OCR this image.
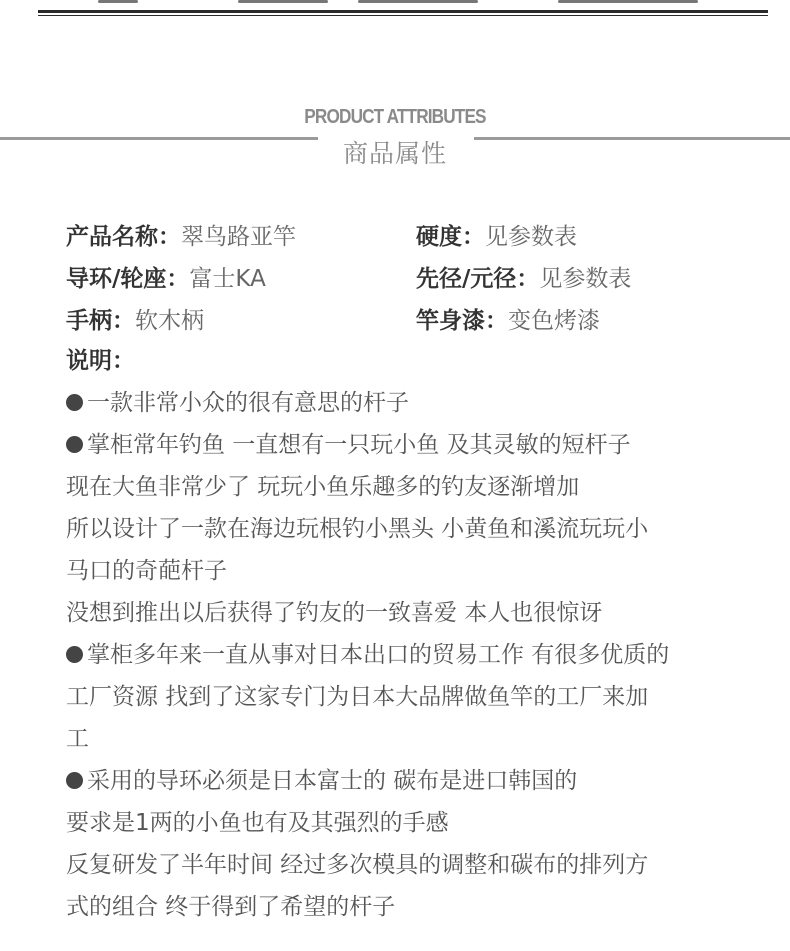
PRODUCT ATTRIBUTES
商品属性
产品名称：翠鸟路亚竿	硬度：见参数表
导环/轮座：富士KA	先径/元径：见参数表
手柄：软木柄	竿身漆：变色烤漆
说明：
一款非常小众的很有意思的杆子
掌柜常年钓鱼 一直想有一只玩小鱼 及其灵敏的短杆子
现在大鱼非常少了 玩玩小鱼乐趣多的钓友逐渐增加
所以设计了一款在海边玩根钓小黑头 小黄鱼和溪流玩玩小
马口的奇葩杆子
没想到推出以后获得了钓友的一致喜爱 本人也很惊讶
掌柜多年来一直从事对日本出口的贸易工作 有很多优质的
工厂资源 找到了这家专门为日本大品牌做鱼竿的工厂来加
工
采用的导环必须是日本富士的 碳布是进口韩国的
要求是1两的小鱼也有及其强烈的手感
反复研发了半年时间 经过多次模具的调整和碳布的排列方
式的组合 终于得到了希望的杆子
